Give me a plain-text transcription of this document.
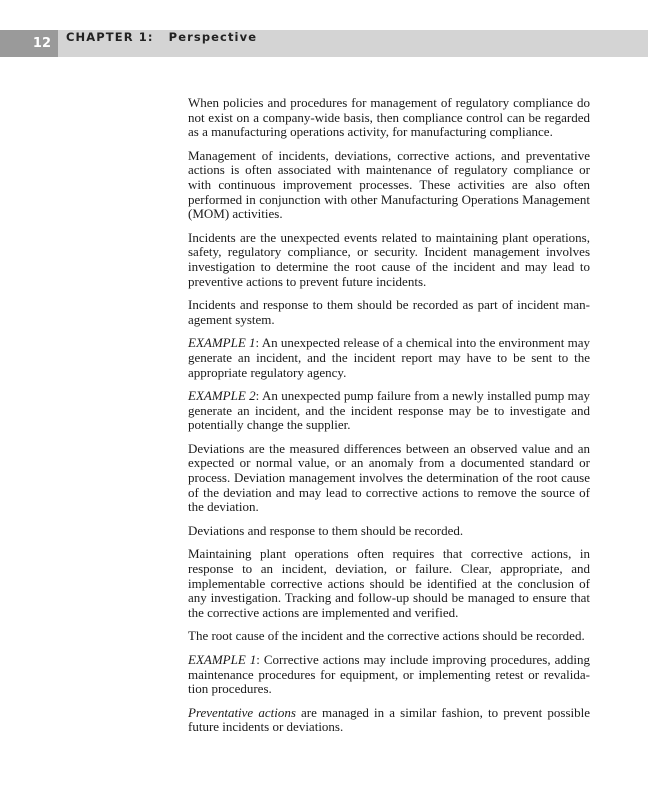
12	CHAPTER 1: Perspective
When policies and procedures for management of regulatory compliance do
not exist on a company-wide basis, then compliance control can be regarded
as a manufacturing operations activity, for manufacturing compliance.
Management of incidents, deviations, corrective actions, and preventative
actions is often associated with maintenance of regulatory compliance or
with continuous improvement processes. These activities are also often
performed in conjunction with other Manufacturing Operations Management
(MOM) activities.
Incidents are the unexpected events related to maintaining plant operations,
safety, regulatory compliance, or security. Incident management involves
investigation to determine the root cause of the incident and may lead to
preventive actions to prevent future incidents.
Incidents and response to them should be recorded as part of incident man-
agement system.
EXAMPLE 1: An unexpected release of a chemical into the environment may
generate an incident, and the incident report may have to be sent to the
appropriate regulatory agency.
EXAMPLE 2: An unexpected pump failure from a newly installed pump may
generate an incident, and the incident response may be to investigate and
potentially change the supplier.
Deviations are the measured differences between an observed value and an
expected or normal value, or an anomaly from a documented standard or
process. Deviation management involves the determination of the root cause
of the deviation and may lead to corrective actions to remove the source of
the deviation.
Deviations and response to them should be recorded.
Maintaining plant operations often requires that corrective actions, in
response to an incident, deviation, or failure. Clear, appropriate, and
implementable corrective actions should be identified at the conclusion of
any investigation. Tracking and follow-up should be managed to ensure that
the corrective actions are implemented and verified.
The root cause of the incident and the corrective actions should be recorded.
EXAMPLE 1: Corrective actions may include improving procedures, adding
maintenance procedures for equipment, or implementing retest or revalida-
tion procedures.
Preventative actions are managed in a similar fashion, to prevent possible
future incidents or deviations.
